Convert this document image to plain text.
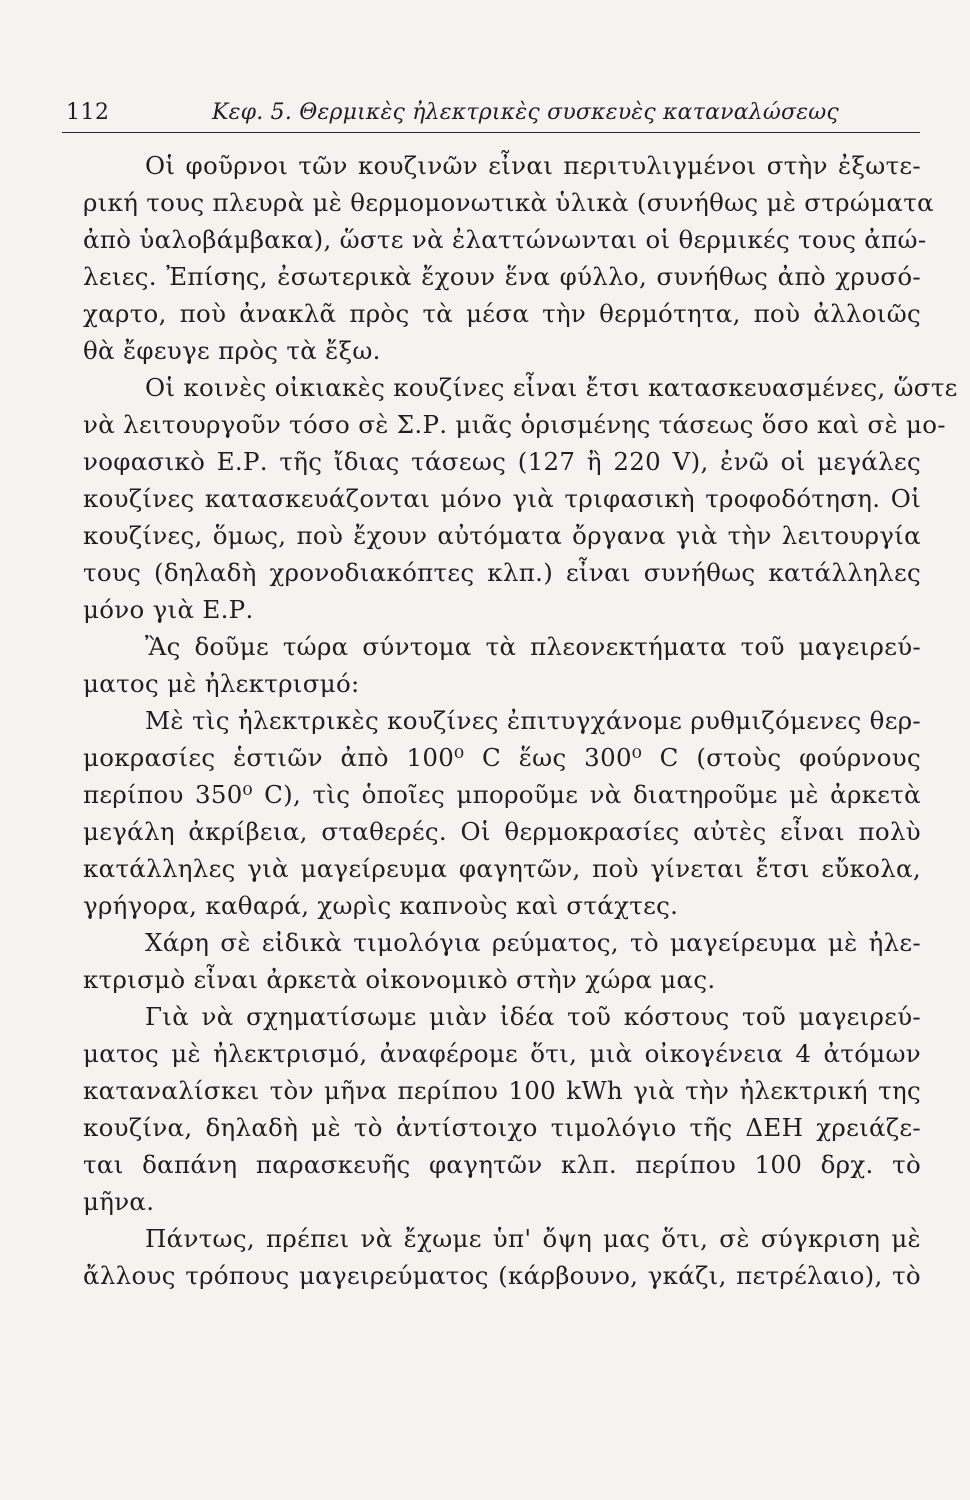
112	Κεφ. 5. Θερμικὲς ἠλεκτρικὲς συσκευὲς καταναλώσεως
Οἱ φοῦρνοι τῶν κουζινῶν εἶναι περιτυλιγμένοι στὴν ἐξωτε-
ρική τους πλευρὰ μὲ θερμομονωτικὰ ὑλικὰ (συνήθως μὲ στρώματα
ἀπὸ ὑαλοβάμβακα), ὥστε νὰ ἐλαττώνωνται οἱ θερμικές τους ἀπώ-
λειες. Ἐπίσης, ἐσωτερικὰ ἔχουν ἕνα φύλλο, συνήθως ἀπὸ χρυσό-
χαρτο, ποὺ ἀνακλᾶ πρὸς τὰ μέσα τὴν θερμότητα, ποὺ ἀλλοιῶς
θὰ ἔφευγε πρὸς τὰ ἔξω.
Οἱ κοινὲς οἰκιακὲς κουζίνες εἶναι ἔτσι κατασκευασμένες, ὥστε
νὰ λειτουργοῦν τόσο σὲ Σ.Ρ. μιᾶς ὁρισμένης τάσεως ὅσο καὶ σὲ μο-
νοφασικὸ Ε.Ρ. τῆς ἴδιας τάσεως (127 ἢ 220 V), ἐνῶ οἱ μεγάλες
κουζίνες κατασκευάζονται μόνο γιὰ τριφασικὴ τροφοδότηση. Οἱ
κουζίνες, ὅμως, ποὺ ἔχουν αὐτόματα ὄργανα γιὰ τὴν λειτουργία
τους (δηλαδὴ χρονοδιακόπτες κλπ.) εἶναι συνήθως κατάλληλες
μόνο γιὰ Ε.Ρ.
Ἂς δοῦμε τώρα σύντομα τὰ πλεονεκτήματα τοῦ μαγειρεύ-
ματος μὲ ἠλεκτρισμό:
Μὲ τὶς ἠλεκτρικὲς κουζίνες ἐπιτυγχάνομε ρυθμιζόμενες θερ-
μοκρασίες ἑστιῶν ἀπὸ 100⁰ C ἕως 300⁰ C (στοὺς φούρνους
περίπου 350⁰ C), τὶς ὁποῖες μποροῦμε νὰ διατηροῦμε μὲ ἀρκετὰ
μεγάλη ἀκρίβεια, σταθερές. Οἱ θερμοκρασίες αὐτὲς εἶναι πολὺ
κατάλληλες γιὰ μαγείρευμα φαγητῶν, ποὺ γίνεται ἔτσι εὔκολα,
γρήγορα, καθαρά, χωρὶς καπνοὺς καὶ στάχτες.
Χάρη σὲ εἰδικὰ τιμολόγια ρεύματος, τὸ μαγείρευμα μὲ ἠλε-
κτρισμὸ εἶναι ἀρκετὰ οἰκονομικὸ στὴν χώρα μας.
Γιὰ νὰ σχηματίσωμε μιὰν ἰδέα τοῦ κόστους τοῦ μαγειρεύ-
ματος μὲ ἠλεκτρισμό, ἀναφέρομε ὅτι, μιὰ οἰκογένεια 4 ἀτόμων
καταναλίσκει τὸν μῆνα περίπου 100 kWh γιὰ τὴν ἠλεκτρική της
κουζίνα, δηλαδὴ μὲ τὸ ἀντίστοιχο τιμολόγιο τῆς ΔΕΗ χρειάζε-
ται δαπάνη παρασκευῆς φαγητῶν κλπ. περίπου 100 δρχ. τὸ
μῆνα.
Πάντως, πρέπει νὰ ἔχωμε ὑπ' ὄψη μας ὅτι, σὲ σύγκριση μὲ
ἄλλους τρόπους μαγειρεύματος (κάρβουνο, γκάζι, πετρέλαιο), τὸ
